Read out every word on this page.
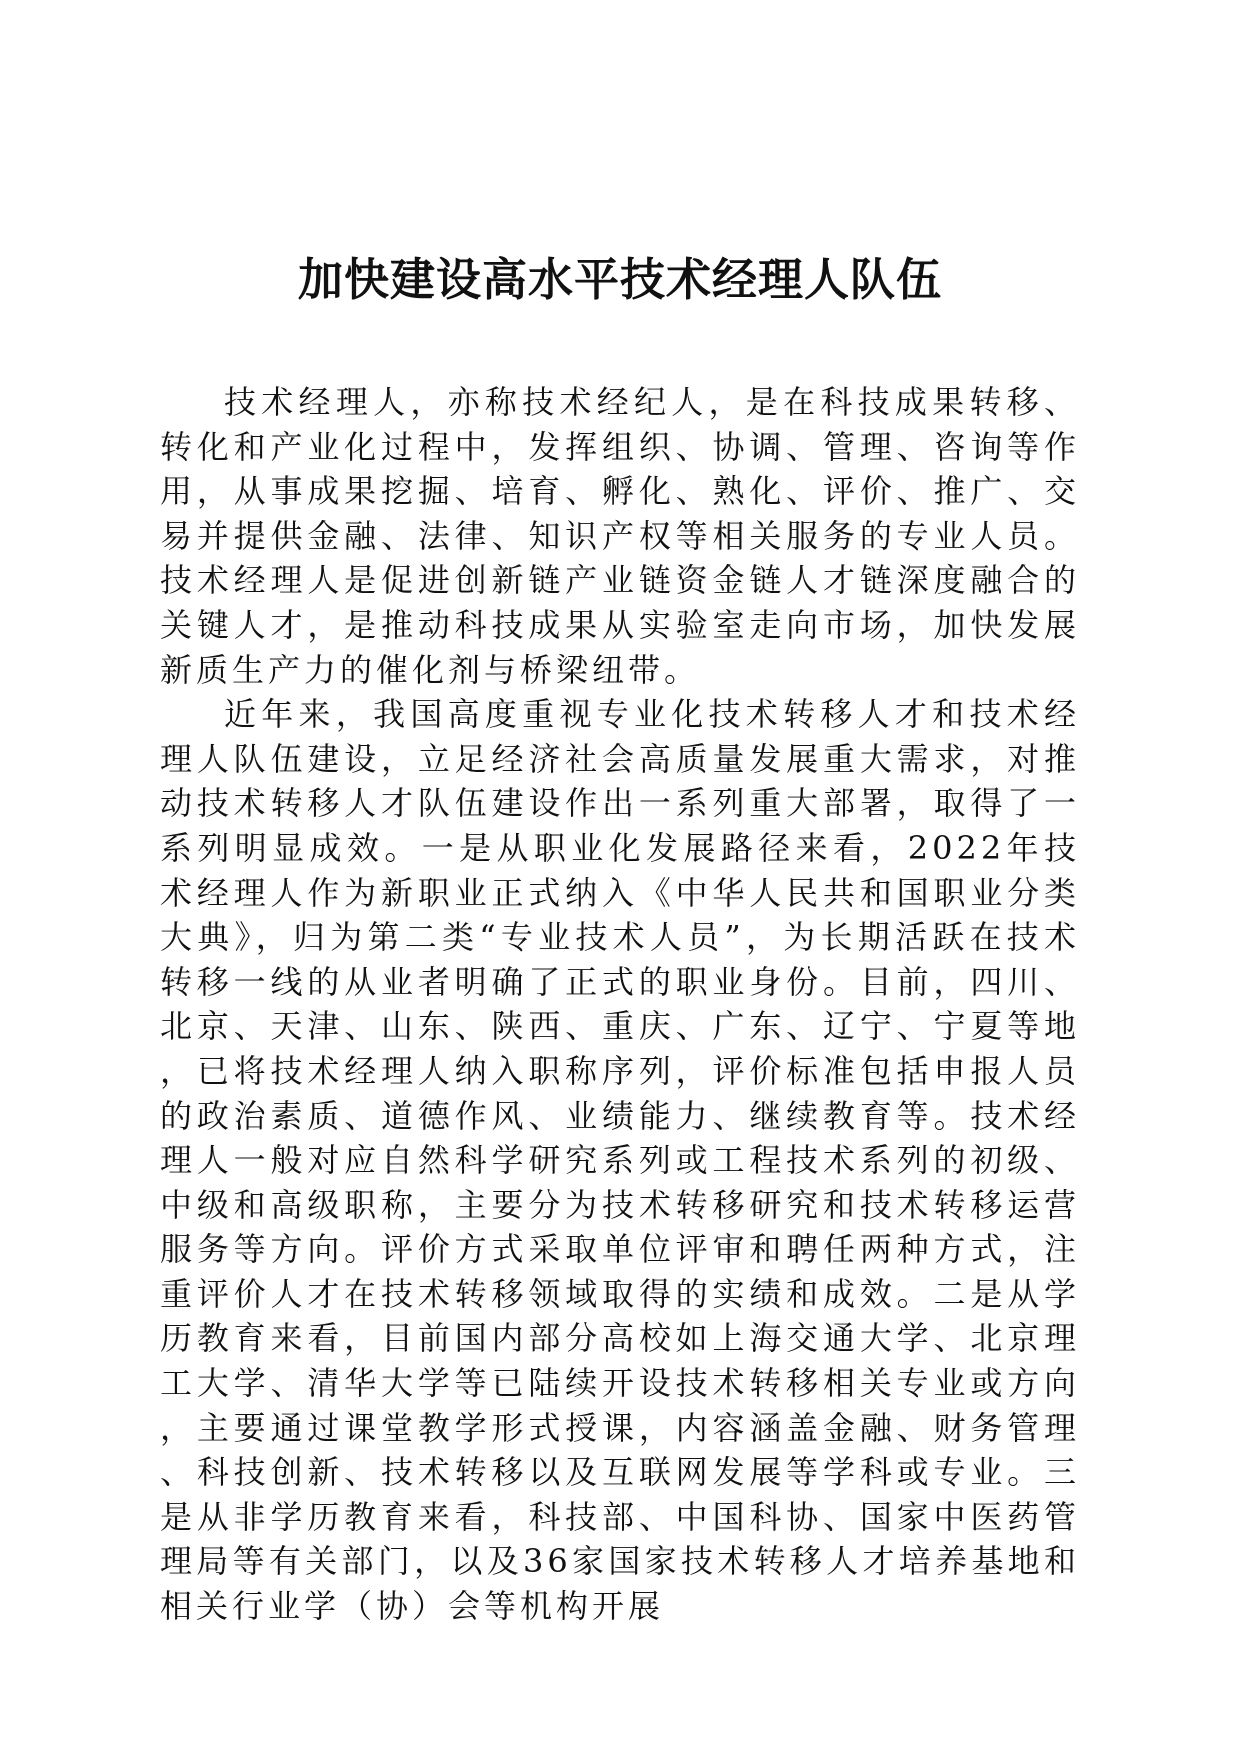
加快建设高水平技术经理人队伍

技术经理人，亦称技术经纪人，是在科技成果转移、转化和产业化过程中，发挥组织、协调、管理、咨询等作用，从事成果挖掘、培育、孵化、熟化、评价、推广、交易并提供金融、法律、知识产权等相关服务的专业人员。技术经理人是促进创新链产业链资金链人才链深度融合的关键人才，是推动科技成果从实验室走向市场，加快发展新质生产力的催化剂与桥梁纽带。

近年来，我国高度重视专业化技术转移人才和技术经理人队伍建设，立足经济社会高质量发展重大需求，对推动技术转移人才队伍建设作出一系列重大部署，取得了一系列明显成效。一是从职业化发展路径来看，2022年技术经理人作为新职业正式纳入《中华人民共和国职业分类大典》，归为第二类“专业技术人员”，为长期活跃在技术转移一线的从业者明确了正式的职业身份。目前，四川、北京、天津、山东、陕西、重庆、广东、辽宁、宁夏等地，已将技术经理人纳入职称序列，评价标准包括申报人员的政治素质、道德作风、业绩能力、继续教育等。技术经理人一般对应自然科学研究系列或工程技术系列的初级、中级和高级职称，主要分为技术转移研究和技术转移运营服务等方向。评价方式采取单位评审和聘任两种方式，注重评价人才在技术转移领域取得的实绩和成效。二是从学历教育来看，目前国内部分高校如上海交通大学、北京理工大学、清华大学等已陆续开设技术转移相关专业或方向，主要通过课堂教学形式授课，内容涵盖金融、财务管理、科技创新、技术转移以及互联网发展等学科或专业。三是从非学历教育来看，科技部、中国科协、国家中医药管理局等有关部门，以及36家国家技术转移人才培养基地和相关行业学（协）会等机构开展
